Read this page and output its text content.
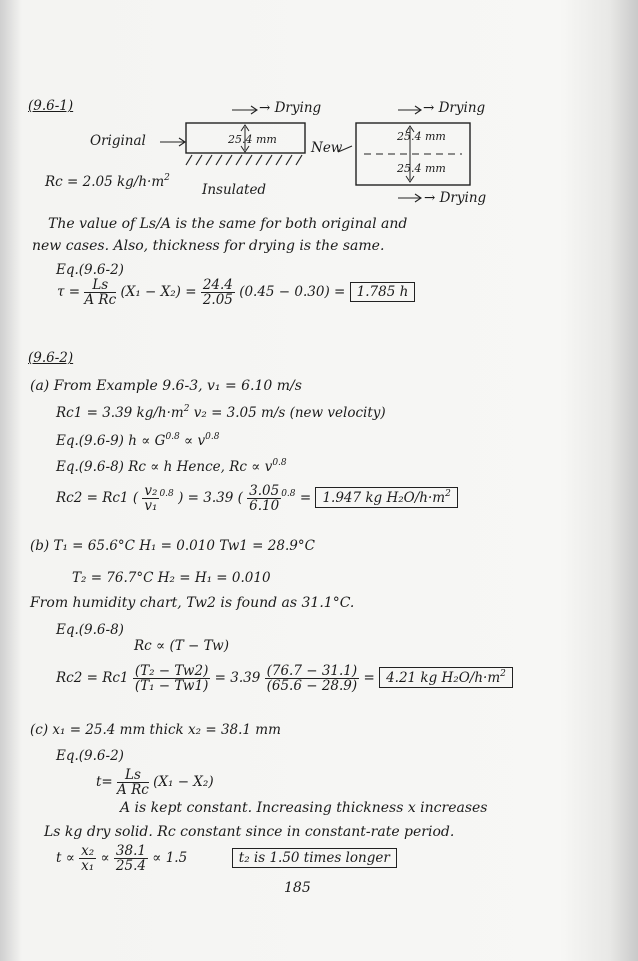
(9.6-1)	→ Drying	→ Drying
Original	25.4 mm
New
25.4 mm
25.4 mm
Rc = 2.05 $kg/h\cdot m^2$
Insulated	→ Drying
The value of Ls/A is the same for both original and
new cases. Also, thickness for drying is the same.
Eq.(9.6-2)
$\tau = \frac{Ls}{\text{A Rc}} (X_1 - X_2) = \frac{24.4}{2.05} (0.45 - 0.30) = 1.785$ h
(9.6-2)
(a) From Example 9.6-3, v₁ = 6.10 m/s
Rc1 = 3.39 $kg/h\cdot m^2$ v₂ = 3.05 m/s (new velocity)
Eq.(9.6-9) $h \propto G^{0.8} \propto v^{0.8}$
Eq.(9.6-8) Rc ∝ h Hence, $Rc \propto v^{0.8}$
Rc2 = Rc1 ( $\frac{\text{v₂}}{\text{v₁}} ^{0.8}$ ) = 3.39 ( $\frac{3.05}{6.10} ^{0.8} = 1.947$ kg H₂O/$h\cdot m^2$
(b) T₁ = 65.6°C H₁ = 0.010 Tw1 = 28.9°C
T₂ = 76.7°C H₂ = H₁ = 0.010
From humidity chart, Tw2 is found as 31.1°C.
Eq.(9.6-8)
Rc ∝ (T − Tw)
$Rc2 = Rc1 \frac{\text{(T₂ − Tw2)}}{\text{(T₁ − Tw1)}} = 3.39 \frac{(76.7 - 31.1)}{(65.6 - 28.9)} = 4.21$ kg H₂O/$h\cdot m^2$
(c) x₁ = 25.4 mm thick x₂ = 38.1 mm
Eq.(9.6-2)
$t= \frac{Ls}{\text{A Rc}} (X_1 - X_2)$
A is kept constant. Increasing thickness x increases
Ls kg dry solid. Rc constant since in constant-rate period.
$t \propto \frac{\text{x₂}}{\text{x₁}} \propto \frac{38.1}{25.4} \propto 1.5$	t₂ is 1.50 times longer
185
